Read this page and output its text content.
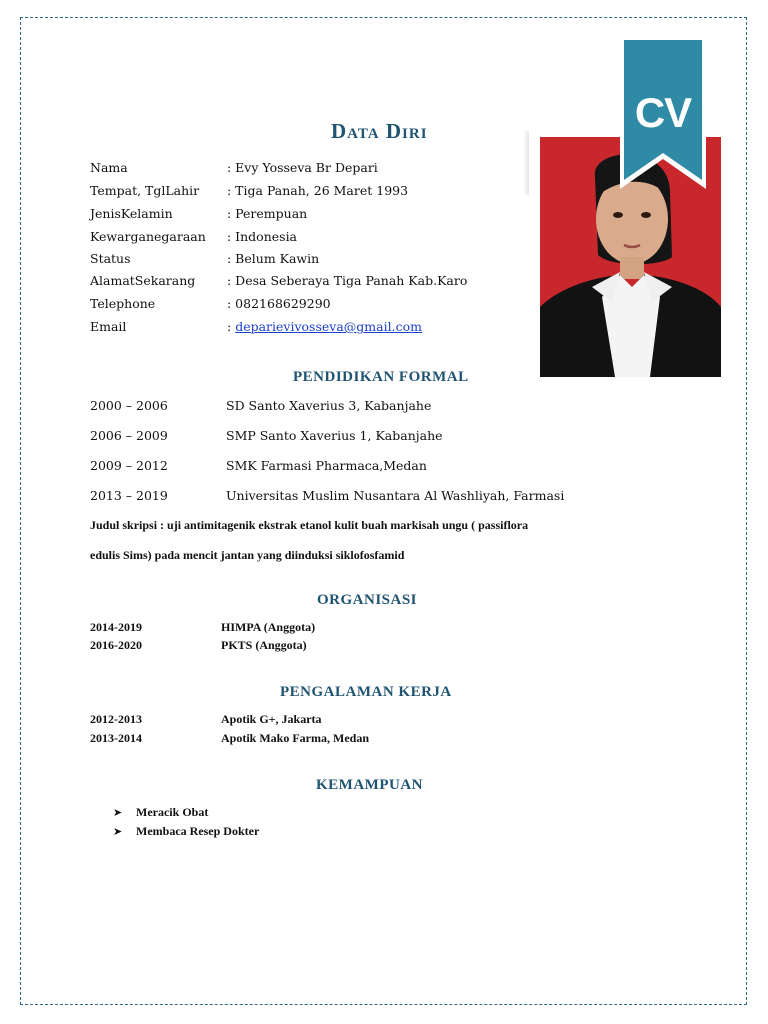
Data Diri
Nama	: Evy Yosseva Br Depari
Tempat, TglLahir : Tiga Panah, 26 Maret 1993
JenisKelamin	: Perempuan
Kewarganegaraan : Indonesia
Status	: Belum Kawin
AlamatSekarang	: Desa Seberaya Tiga Panah Kab.Karo
Telephone	: 082168629290
Email	: deparievivosseva@gmail.com
CV
PENDIDIKAN FORMAL
2000 – 2006	SD Santo Xaverius 3, Kabanjahe
2006 – 2009	SMP Santo Xaverius 1, Kabanjahe
2009 – 2012	SMK Farmasi Pharmaca,Medan
2013 – 2019	Universitas Muslim Nusantara Al Washliyah, Farmasi
Judul skripsi : uji antimitagenik ekstrak etanol kulit buah markisah ungu ( passiflora
edulis Sims) pada mencit jantan yang diinduksi siklofosfamid
ORGANISASI
2014-2019	HIMPA (Anggota)
2016-2020	PKTS (Anggota)
PENGALAMAN KERJA
2012-2013	Apotik G+, Jakarta
2013-2014	Apotik Mako Farma, Medan
KEMAMPUAN
➤ Meracik Obat
➤ Membaca Resep Dokter
